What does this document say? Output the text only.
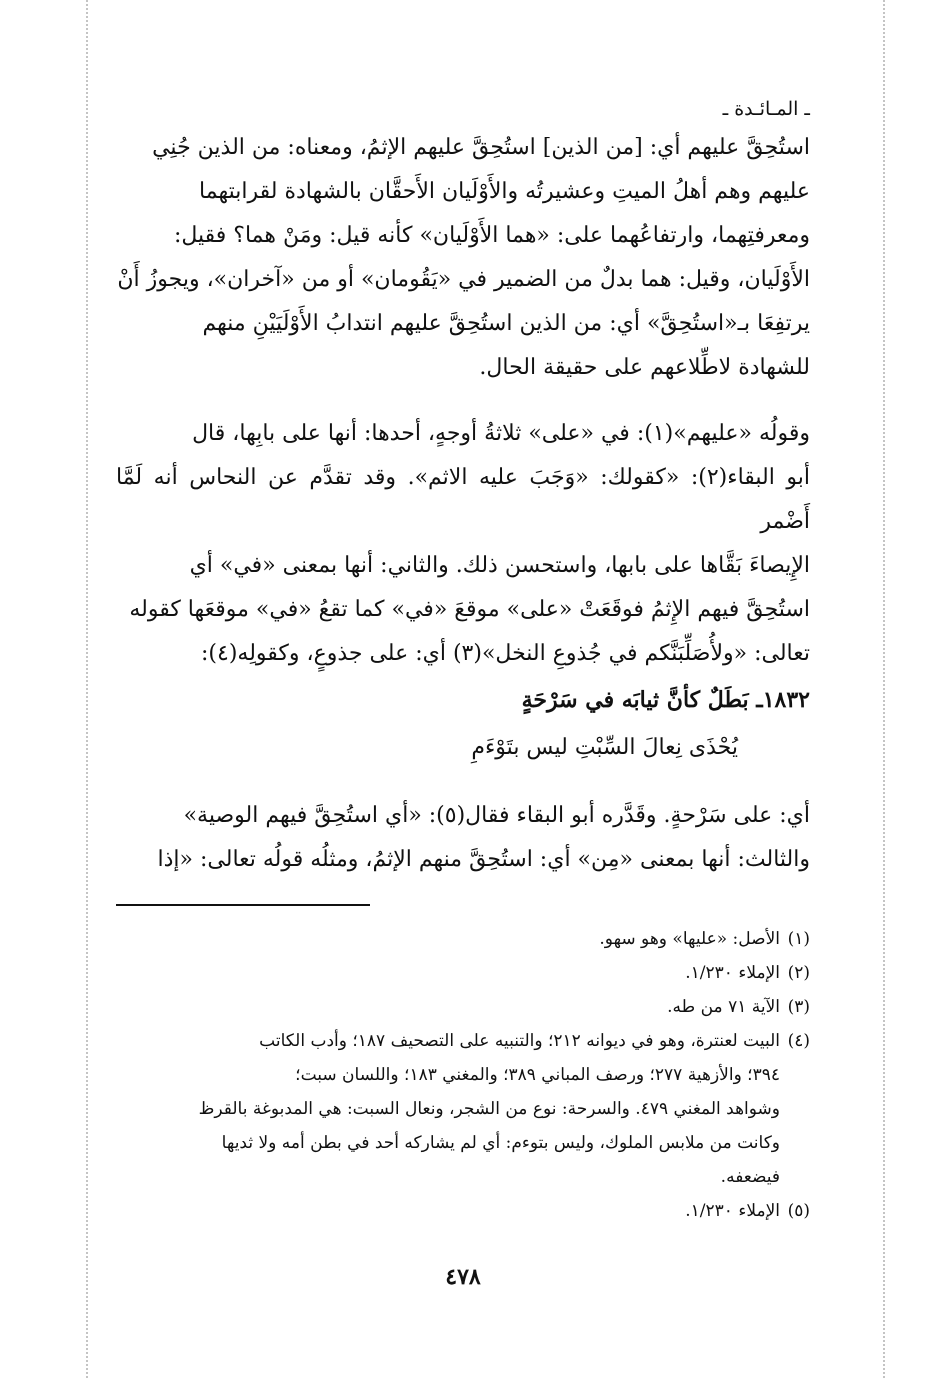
ـ المـائـدة ـ

استُحِقَّ عليهم أي: [من الذين] استُحِقَّ عليهم الإثمُ، ومعناه: من الذين جُنِي

عليهم وهم أهلُ الميتِ وعشيرتُه والأَوْلَيان الأَحقَّان بالشهادة لقرابتهما

ومعرفتِهما، وارتفاعُهما على: «هما الأَوْلَيان» كأنه قيل: ومَنْ هما؟ فقيل:

الأَوْلَيان، وقيل: هما بدلٌ من الضمير في «يَقُومان» أو من «آخران»، ويجوزُ أَنْ

يرتفِعَا بـ«استُحِقَّ» أي: من الذين استُحِقَّ عليهم انتدابُ الأَوْلَيَيْنِ منهم

للشهادة لاطِّلاعهم على حقيقة الحال.

وقولُه «عليهم»(١): في «على» ثلاثةُ أوجهٍ، أحدها: أنها على بابِها، قال

أبو البقاء(٢): «كقولك: «وَجَبَ عليه الاثم». وقد تقدَّم عن النحاس أنه لَمَّا أَضْمر

الإِيصاءَ بَقَّاها على بابها، واستحسن ذلك. والثاني: أنها بمعنى «في» أي

استُحِقَّ فيهم الإِثمُ فوقَعَتْ «على» موقعَ «في» كما تقعُ «في» موقعَها كقوله

تعالى: «ولأُصَلِّبَنَّكم في جُذوعِ النخل»(٣) أي: على جذوعٍ، وكقولِه(٤):

١٨٣٢ـ بَطَلٌ كأنَّ ثيابَه في سَرْحَةٍ
يُحْذَى نِعالَ السِّبْتِ ليس بتَوْءَمِ

أي: على سَرْحةٍ. وقَدَّره أبو البقاء فقال(٥): «أي استُحِقَّ فيهم الوصية»

والثالث: أنها بمعنى «مِن» أي: استُحِقَّ منهم الإثمُ، ومثلُه قولُه تعالى: «إذا

(١)
الأصل: «عليها» وهو سهو.
(٢)
الإملاء ١/٢٣٠.
(٣)
الآية ٧١ من طه.
(٤)
البيت لعنترة، وهو في ديوانه ٢١٢؛ والتنبيه على التصحيف ١٨٧؛ وأدب الكاتب
٣٩٤؛ والأزهية ٢٧٧؛ ورصف المباني ٣٨٩؛ والمغني ١٨٣؛ واللسان سبت؛
وشواهد المغني ٤٧٩. والسرحة: نوع من الشجر، ونعال السبت: هي المدبوغة بالقرظ
وكانت من ملابس الملوك، وليس بتوءم: أي لم يشاركه أحد في بطن أمه ولا ثديها
فيضعفه.
(٥)
الإملاء ١/٢٣٠.
٤٧٨
